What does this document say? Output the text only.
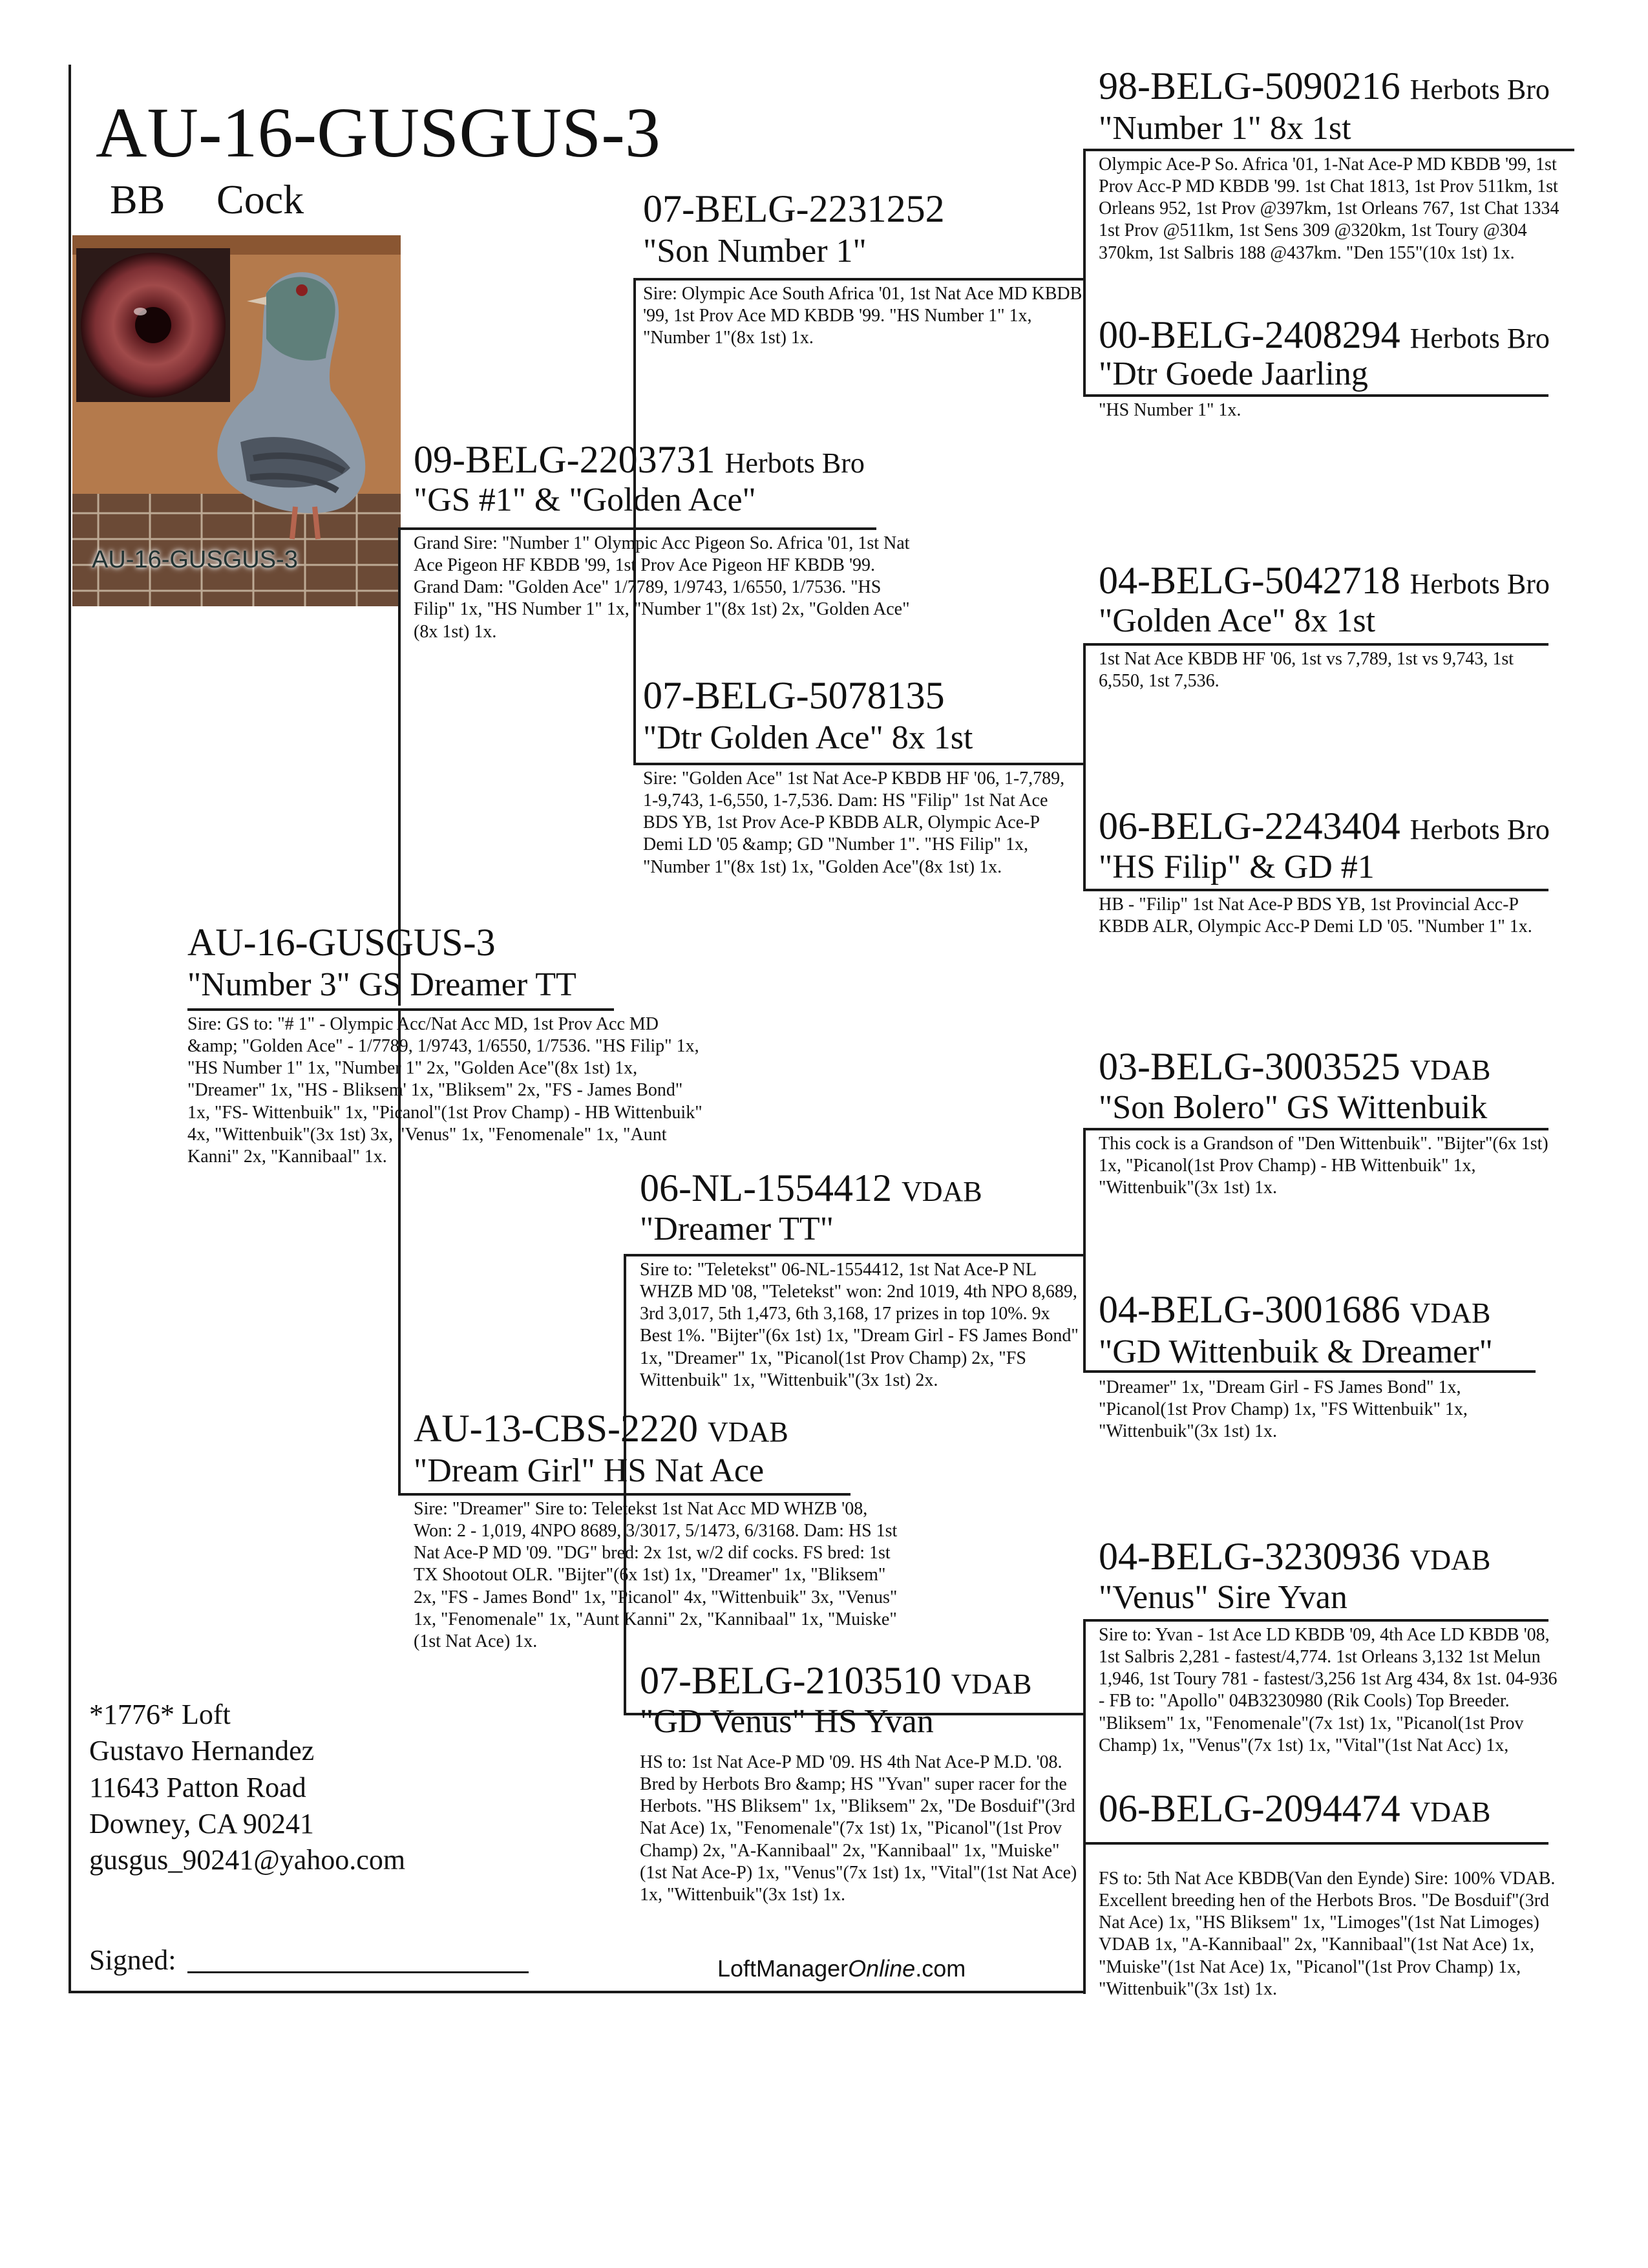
AU-16-GUSGUS-3
BB Cock
AU-16-GUSGUS-3
98-BELG-5090216 Herbots Bro
"Number 1" 8x 1st
Olympic Ace-P So. Africa '01, 1-Nat Ace-P MD KBDB '99, 1st Prov Acc-P MD KBDB '99. 1st Chat 1813, 1st Prov 511km, 1st Orleans 952, 1st Prov @397km, 1st Orleans 767, 1st Chat 1334 1st Prov @511km, 1st Sens 309 @320km, 1st Toury @304 370km, 1st Salbris 188 @437km. "Den 155"(10x 1st) 1x.
00-BELG-2408294 Herbots Bro
"Dtr Goede Jaarling
"HS Number 1" 1x.
04-BELG-5042718 Herbots Bro
"Golden Ace" 8x 1st
1st Nat Ace KBDB HF '06, 1st vs 7,789, 1st vs 9,743, 1st 6,550, 1st 7,536.
06-BELG-2243404 Herbots Bro
"HS Filip" & GD #1
HB - "Filip" 1st Nat Ace-P BDS YB, 1st Provincial Acc-P KBDB ALR, Olympic Acc-P Demi LD '05. "Number 1" 1x.
03-BELG-3003525 VDAB
"Son Bolero" GS Wittenbuik
This cock is a Grandson of "Den Wittenbuik". "Bijter"(6x 1st) 1x, "Picanol(1st Prov Champ) - HB Wittenbuik" 1x, "Wittenbuik"(3x 1st) 1x.
04-BELG-3001686 VDAB
"GD Wittenbuik & Dreamer"
"Dreamer" 1x, "Dream Girl - FS James Bond" 1x, "Picanol(1st Prov Champ) 1x, "FS Wittenbuik" 1x, "Wittenbuik"(3x 1st) 1x.
04-BELG-3230936 VDAB
"Venus" Sire Yvan
Sire to: Yvan - 1st Ace LD KBDB '09, 4th Ace LD KBDB '08, 1st Salbris 2,281 - fastest/4,774. 1st Orleans 3,132 1st Melun 1,946, 1st Toury 781 - fastest/3,256 1st Arg 434, 8x 1st. 04-936 - FB to: "Apollo" 04B3230980 (Rik Cools) Top Breeder. "Bliksem" 1x, "Fenomenale"(7x 1st) 1x, "Picanol(1st Prov Champ) 1x, "Venus"(7x 1st) 1x, "Vital"(1st Nat Acc) 1x,
06-BELG-2094474 VDAB
FS to: 5th Nat Ace KBDB(Van den Eynde) Sire: 100% VDAB. Excellent breeding hen of the Herbots Bros. "De Bosduif"(3rd Nat Ace) 1x, "HS Bliksem" 1x, "Limoges"(1st Nat Limoges) VDAB 1x, "A-Kannibaal" 2x, "Kannibaal"(1st Nat Ace) 1x, "Muiske"(1st Nat Ace) 1x, "Picanol"(1st Prov Champ) 1x, "Wittenbuik"(3x 1st) 1x.
07-BELG-2231252
"Son Number 1"
Sire: Olympic Ace South Africa '01, 1st Nat Ace MD KBDB '99, 1st Prov Ace MD KBDB '99. "HS Number 1" 1x, "Number 1"(8x 1st) 1x.
09-BELG-2203731 Herbots Bro
"GS #1" & "Golden Ace"
Grand Sire: "Number 1" Olympic Acc Pigeon So. Africa '01, 1st Nat Ace Pigeon HF KBDB '99, 1st Prov Ace Pigeon HF KBDB '99. Grand Dam: "Golden Ace" 1/7789, 1/9743, 1/6550, 1/7536. "HS Filip" 1x, "HS Number 1" 1x, "Number 1"(8x 1st) 2x, "Golden Ace"(8x 1st) 1x.
07-BELG-5078135
"Dtr Golden Ace" 8x 1st
Sire: "Golden Ace" 1st Nat Ace-P KBDB HF '06, 1-7,789, 1-9,743, 1-6,550, 1-7,536. Dam: HS "Filip" 1st Nat Ace BDS YB, 1st Prov Ace-P KBDB ALR, Olympic Ace-P Demi LD '05 &amp; GD "Number 1". "HS Filip" 1x, "Number 1"(8x 1st) 1x, "Golden Ace"(8x 1st) 1x.
AU-16-GUSGUS-3
"Number 3" GS Dreamer TT
Sire: GS to: "# 1" - Olympic Acc/Nat Acc MD, 1st Prov Acc MD &amp; "Golden Ace" - 1/7789, 1/9743, 1/6550, 1/7536. "HS Filip" 1x, "HS Number 1" 1x, "Number 1" 2x, "Golden Ace"(8x 1st) 1x, "Dreamer" 1x, "HS - Bliksem' 1x, "Bliksem" 2x, "FS - James Bond" 1x, "FS- Wittenbuik" 1x, "Picanol"(1st Prov Champ) - HB Wittenbuik" 4x, "Wittenbuik"(3x 1st) 3x, "Venus" 1x, "Fenomenale" 1x, "Aunt Kanni" 2x, "Kannibaal" 1x.
06-NL-1554412 VDAB
"Dreamer TT"
Sire to: "Teletekst" 06-NL-1554412, 1st Nat Ace-P NL WHZB MD '08, "Teletekst" won: 2nd 1019, 4th NPO 8,689, 3rd 3,017, 5th 1,473, 6th 3,168, 17 prizes in top 10%. 9x Best 1%. "Bijter"(6x 1st) 1x, "Dream Girl - FS James Bond" 1x, "Dreamer" 1x, "Picanol(1st Prov Champ) 2x, "FS Wittenbuik" 1x, "Wittenbuik"(3x 1st) 2x.
AU-13-CBS-2220 VDAB
"Dream Girl" HS Nat Ace
Sire: "Dreamer" Sire to: Teletekst 1st Nat Acc MD WHZB '08, Won: 2 - 1,019, 4NPO 8689, 3/3017, 5/1473, 6/3168. Dam: HS 1st Nat Ace-P MD '09. "DG" bred: 2x 1st, w/2 dif cocks. FS bred: 1st TX Shootout OLR. "Bijter"(6x 1st) 1x, "Dreamer" 1x, "Bliksem" 2x, "FS - James Bond" 1x, "Picanol" 4x, "Wittenbuik" 3x, "Venus" 1x, "Fenomenale" 1x, "Aunt Kanni" 2x, "Kannibaal" 1x, "Muiske"(1st Nat Ace) 1x.
07-BELG-2103510 VDAB
"GD Venus" HS Yvan
HS to: 1st Nat Ace-P MD '09. HS 4th Nat Ace-P M.D. '08. Bred by Herbots Bro &amp; HS "Yvan" super racer for the Herbots. "HS Bliksem" 1x, "Bliksem" 2x, "De Bosduif"(3rd Nat Ace) 1x, "Fenomenale"(7x 1st) 1x, "Picanol"(1st Prov Champ) 2x, "A-Kannibaal" 2x, "Kannibaal" 1x, "Muiske"(1st Nat Ace-P) 1x, "Venus"(7x 1st) 1x, "Vital"(1st Nat Ace) 1x, "Wittenbuik"(3x 1st) 1x.
*1776* Loft
Gustavo Hernandez
11643 Patton Road
Downey, CA 90241
gusgus_90241@yahoo.com
Signed:	LoftManagerOnline.com
